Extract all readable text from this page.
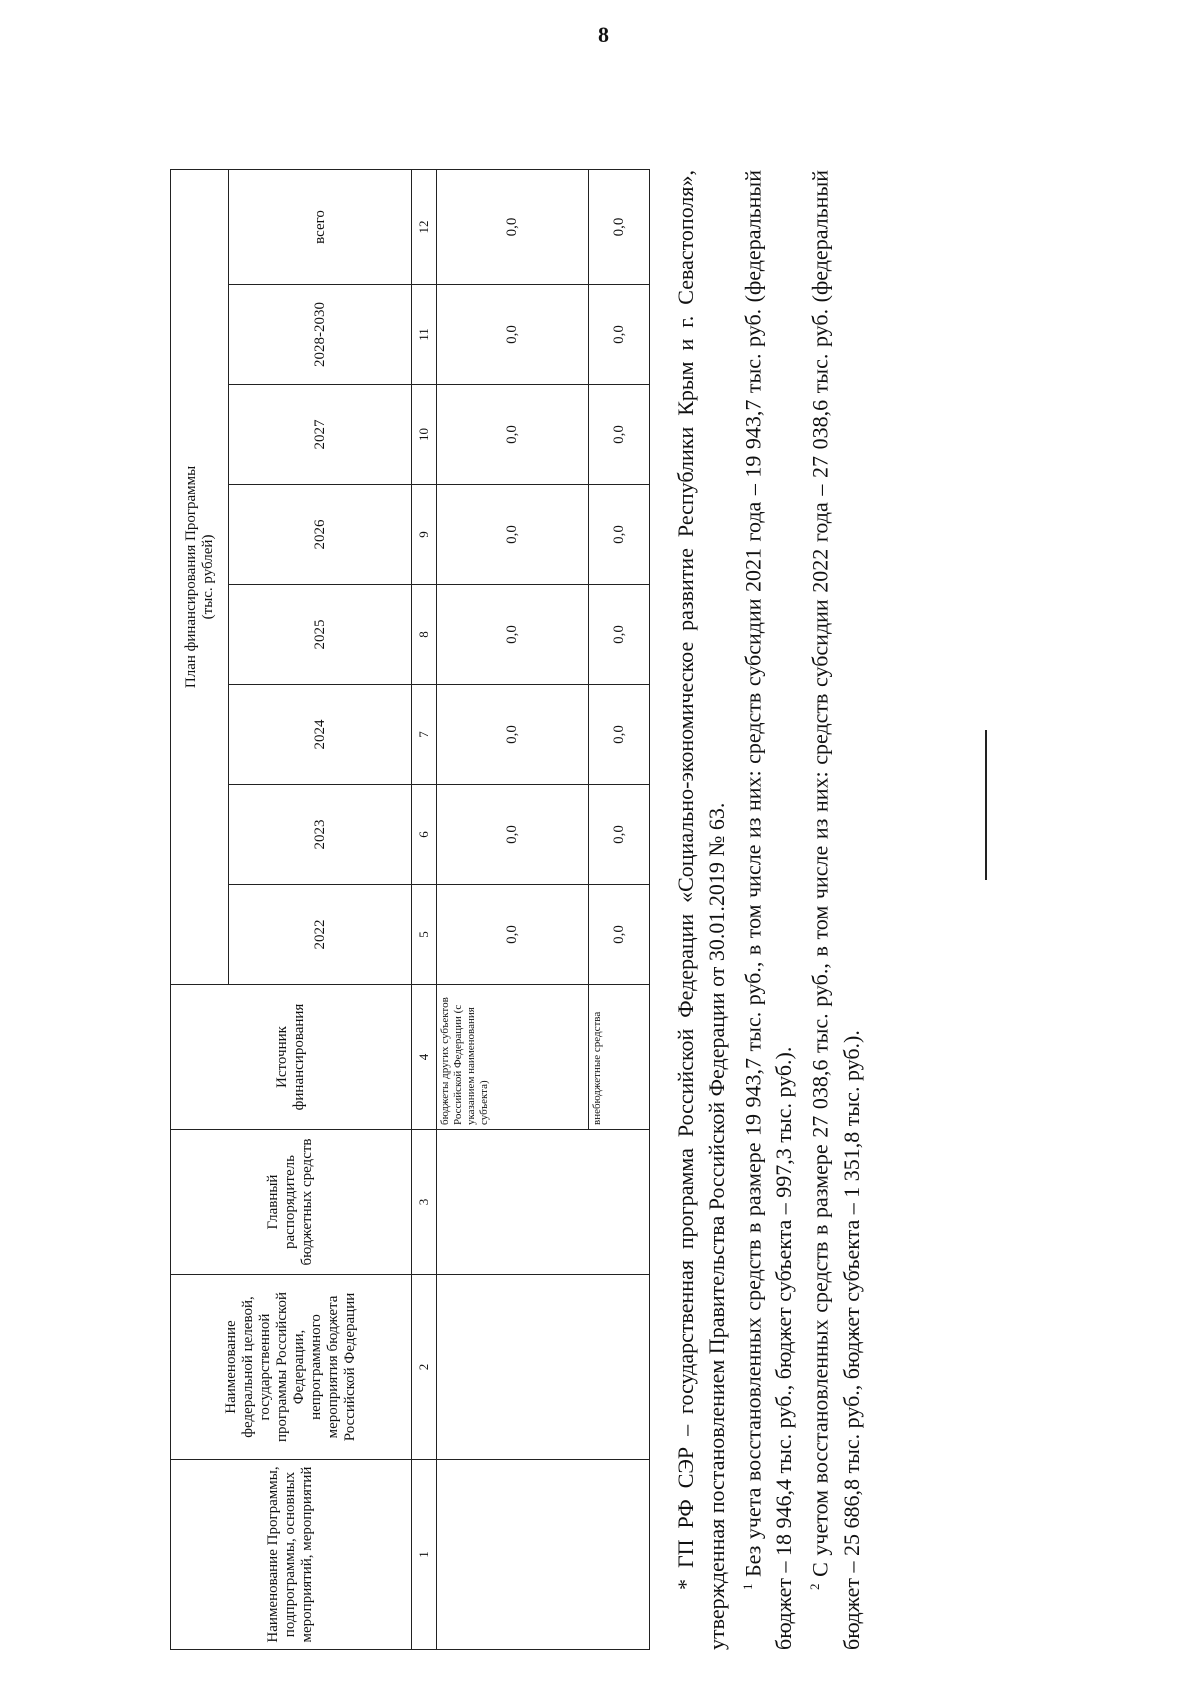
8
Наименование Программы, подпрограммы, основных мероприятий, мероприятий	Наименование федеральной целевой, государственной программы Российской Федерации, непрограммного мероприятия бюджета Российской Федерации	Главный распорядитель бюджетных средств	Источник финансирования	План финансирования Программы (тыс. рублей)							

				2022	2023	2024	2025	2026	2027	2028-2030	всего
1	2	3	4	5	6	7	8	9	10	11	12
			бюджеты других субъектов Российской Федерации (с указанием наименования субъекта)	0,0	0,0	0,0	0,0	0,0	0,0	0,0	0,0
			внебюджетные средства	0,0	0,0	0,0	0,0	0,0	0,0	0,0	0,0 * ГП РФ СЭР – государственная программа Российской Федерации «Социально-экономическое развитие Республики Крым и г. Севастополя», утвержденная постановлением Правительства Российской Федерации от 30.01.2019 № 63. $^1$ Без учета восстановленных средств в размере 19 943,7 тыс. руб., в том числе из них: средств субсидии 2021 года – 19 943,7 тыс. руб. (федеральный бюджет – 18 946,4 тыс. руб., бюджет субъекта – 997,3 тыс. руб.). $^2$ С учетом восстановленных средств в размере 27 038,6 тыс. руб., в том числе из них: средств субсидии 2022 года – 27 038,6 тыс. руб. (федеральный бюджет – 25 686,8 тыс. руб., бюджет субъекта – 1 351,8 тыс. руб.).
